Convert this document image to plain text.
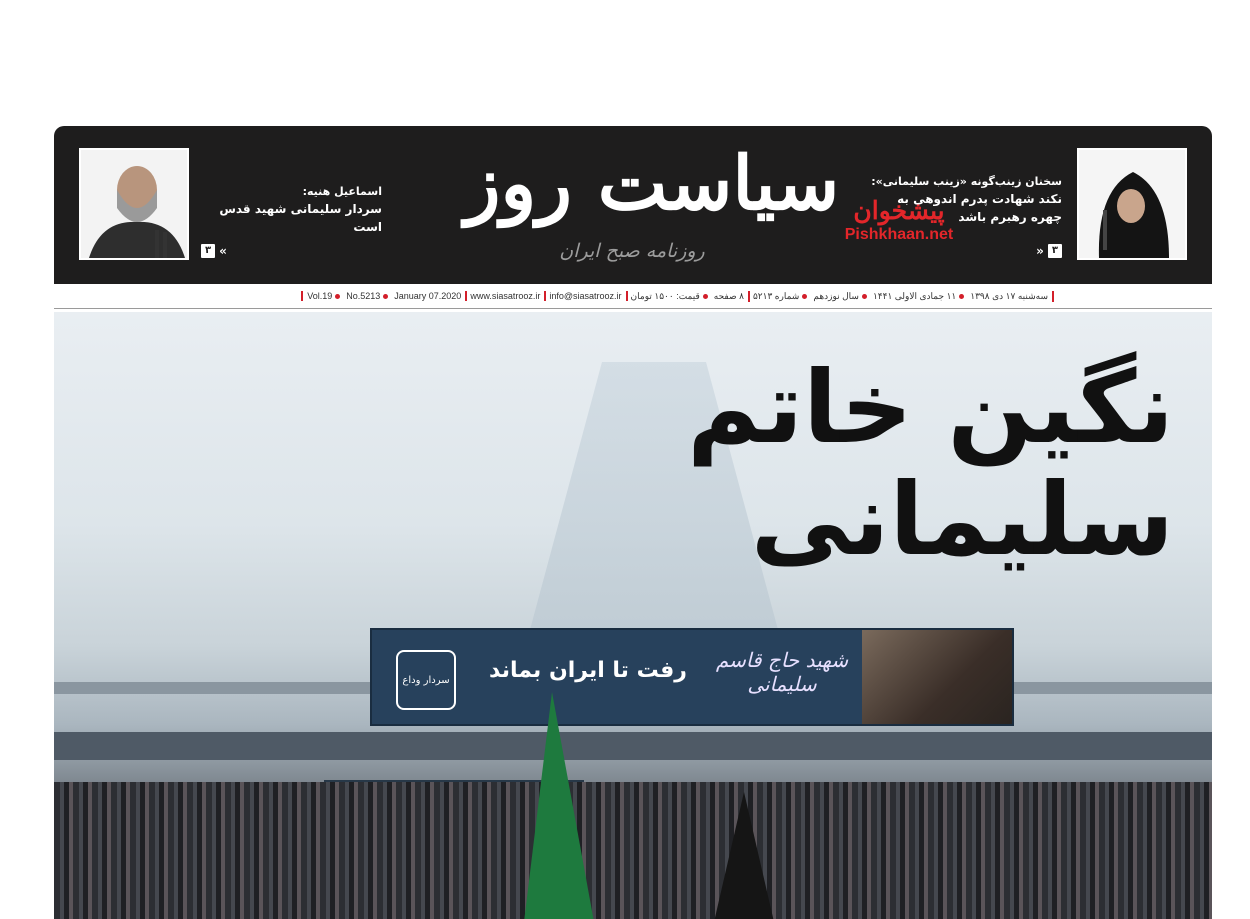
اسماعیل هنیه:
سردار سلیمانی شهید قدس است
۳ «
سیاست روز
روزنامه صبح ایران
پیشخوان
Pishkhaan.net
سخنان زینب‌گونه «زینب سلیمانی»:
نکند شهادت پدرم اندوهی به
چهره رهبرم باشد
» ۳
سه‌شنبه ۱۷ دی ۱۳۹۸
۱۱ جمادی الاولی ۱۴۴۱
سال نوزدهم
شماره ۵۲۱۳
۸ صفحه
قیمت: ۱۵۰۰ تومان
info@siasatrooz.ir
www.siasatrooz.ir
January 07.2020
No.5213
Vol.19
سردار وداع رفت تا ایران بماند	شهید حاج قاسم سلیمانی
نگین خاتم
سلیمانی
